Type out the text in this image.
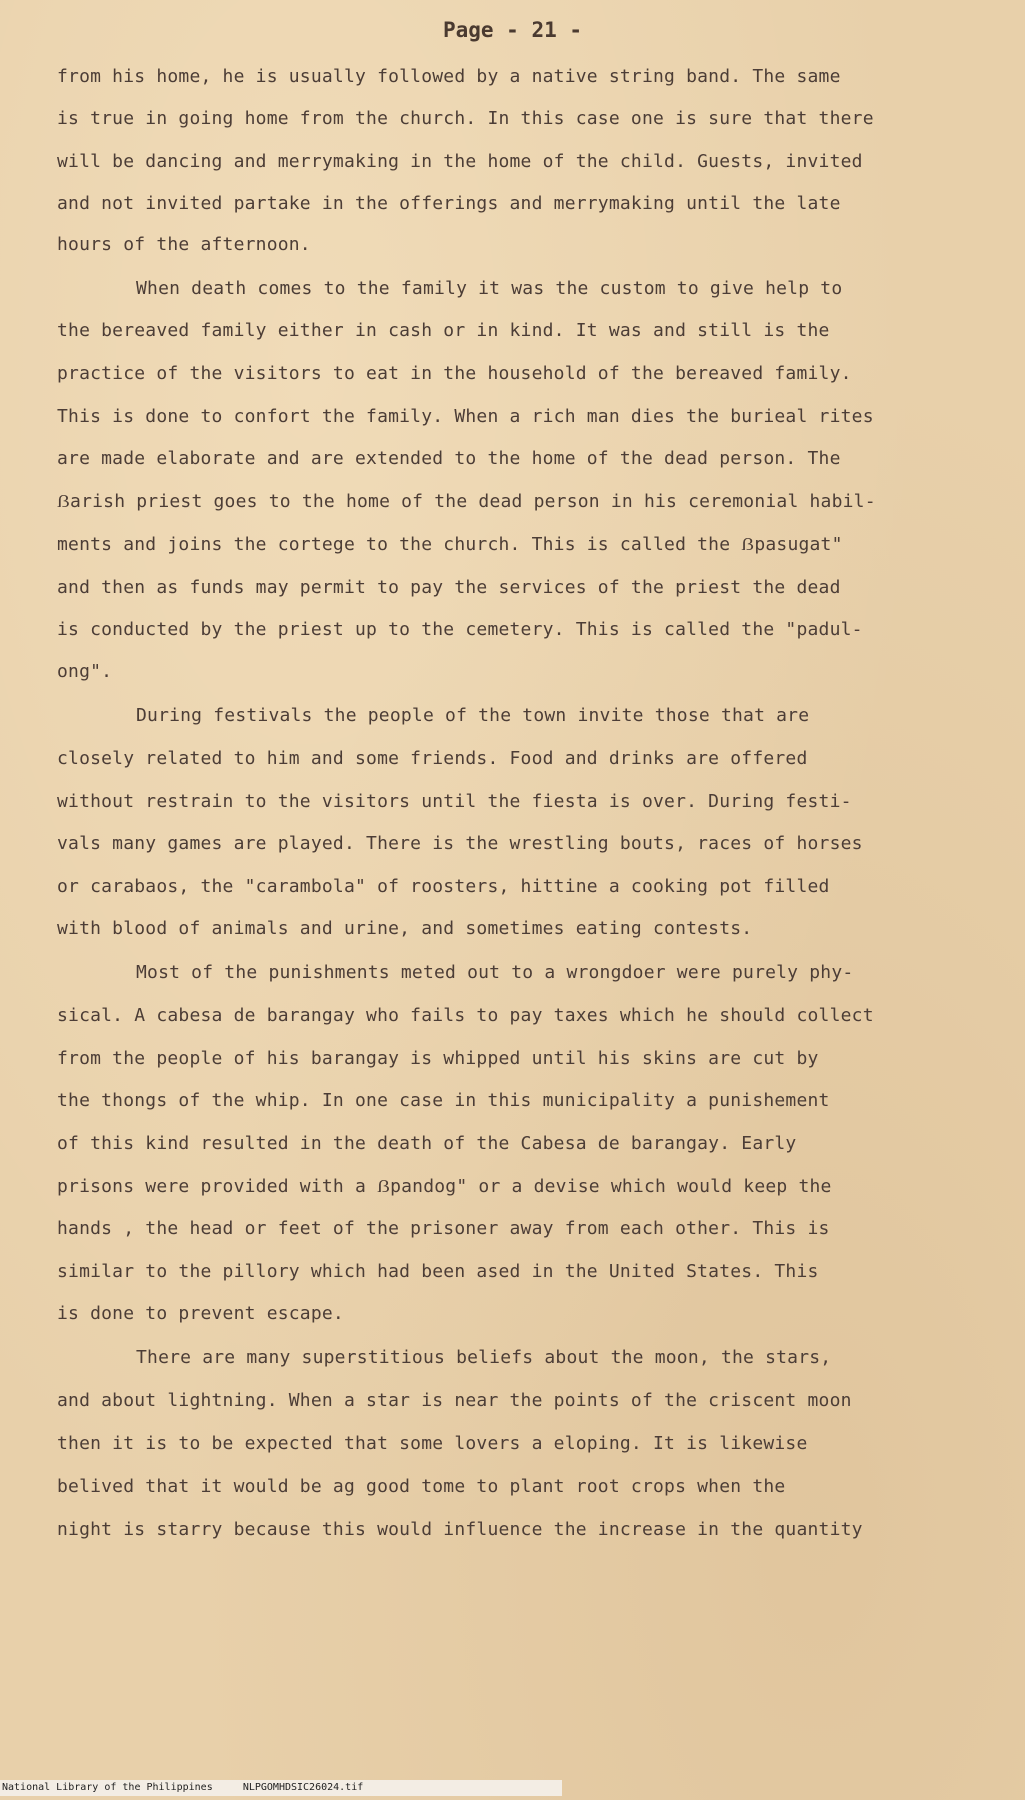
Page - 21 -
from his home, he is usually followed by a native string band. The same
is true in going home from the church. In this case one is sure that there
will be dancing and merrymaking in the home of the child. Guests, invited
and not invited partake in the offerings and merrymaking until the late
hours of the afternoon.
When death comes to the family it was the custom to give help to
the bereaved family either in cash or in kind. It was and still is the
practice of the visitors to eat in the household of the bereaved family.
This is done to confort the family. When a rich man dies the burieal rites
are made elaborate and are extended to the home of the dead person. The
ẞarish priest goes to the home of the dead person in his ceremonial habil-
ments and joins the cortege to the church. This is called the ẞpasugat"
and then as funds may permit to pay the services of the priest the dead
is conducted by the priest up to the cemetery. This is called the "padul-
ong".
During festivals the people of the town invite those that are
closely related to him and some friends. Food and drinks are offered
without restrain to the visitors until the fiesta is over. During festi-
vals many games are played. There is the wrestling bouts, races of horses
or carabaos, the "carambola" of roosters, hittine a cooking pot filled
with blood of animals and urine, and sometimes eating contests.
Most of the punishments meted out to a wrongdoer were purely phy-
sical. A cabesa de barangay who fails to pay taxes which he should collect
from the people of his barangay is whipped until his skins are cut by
the thongs of the whip. In one case in this municipality a punishement
of this kind resulted in the death of the Cabesa de barangay. Early
prisons were provided with a ẞpandog" or a devise which would keep the
hands , the head or feet of the prisoner away from each other. This is
similar to the pillory which had been ased in the United States. This
is done to prevent escape.
There are many superstitious beliefs about the moon, the stars,
and about lightning. When a star is near the points of the criscent moon
then it is to be expected that some lovers a eloping. It is likewise
belived that it would be ag good tome to plant root crops when the
night is starry because this would influence the increase in the quantity
National Library of the Philippines     NLPGOMHDSIC26024.tif
